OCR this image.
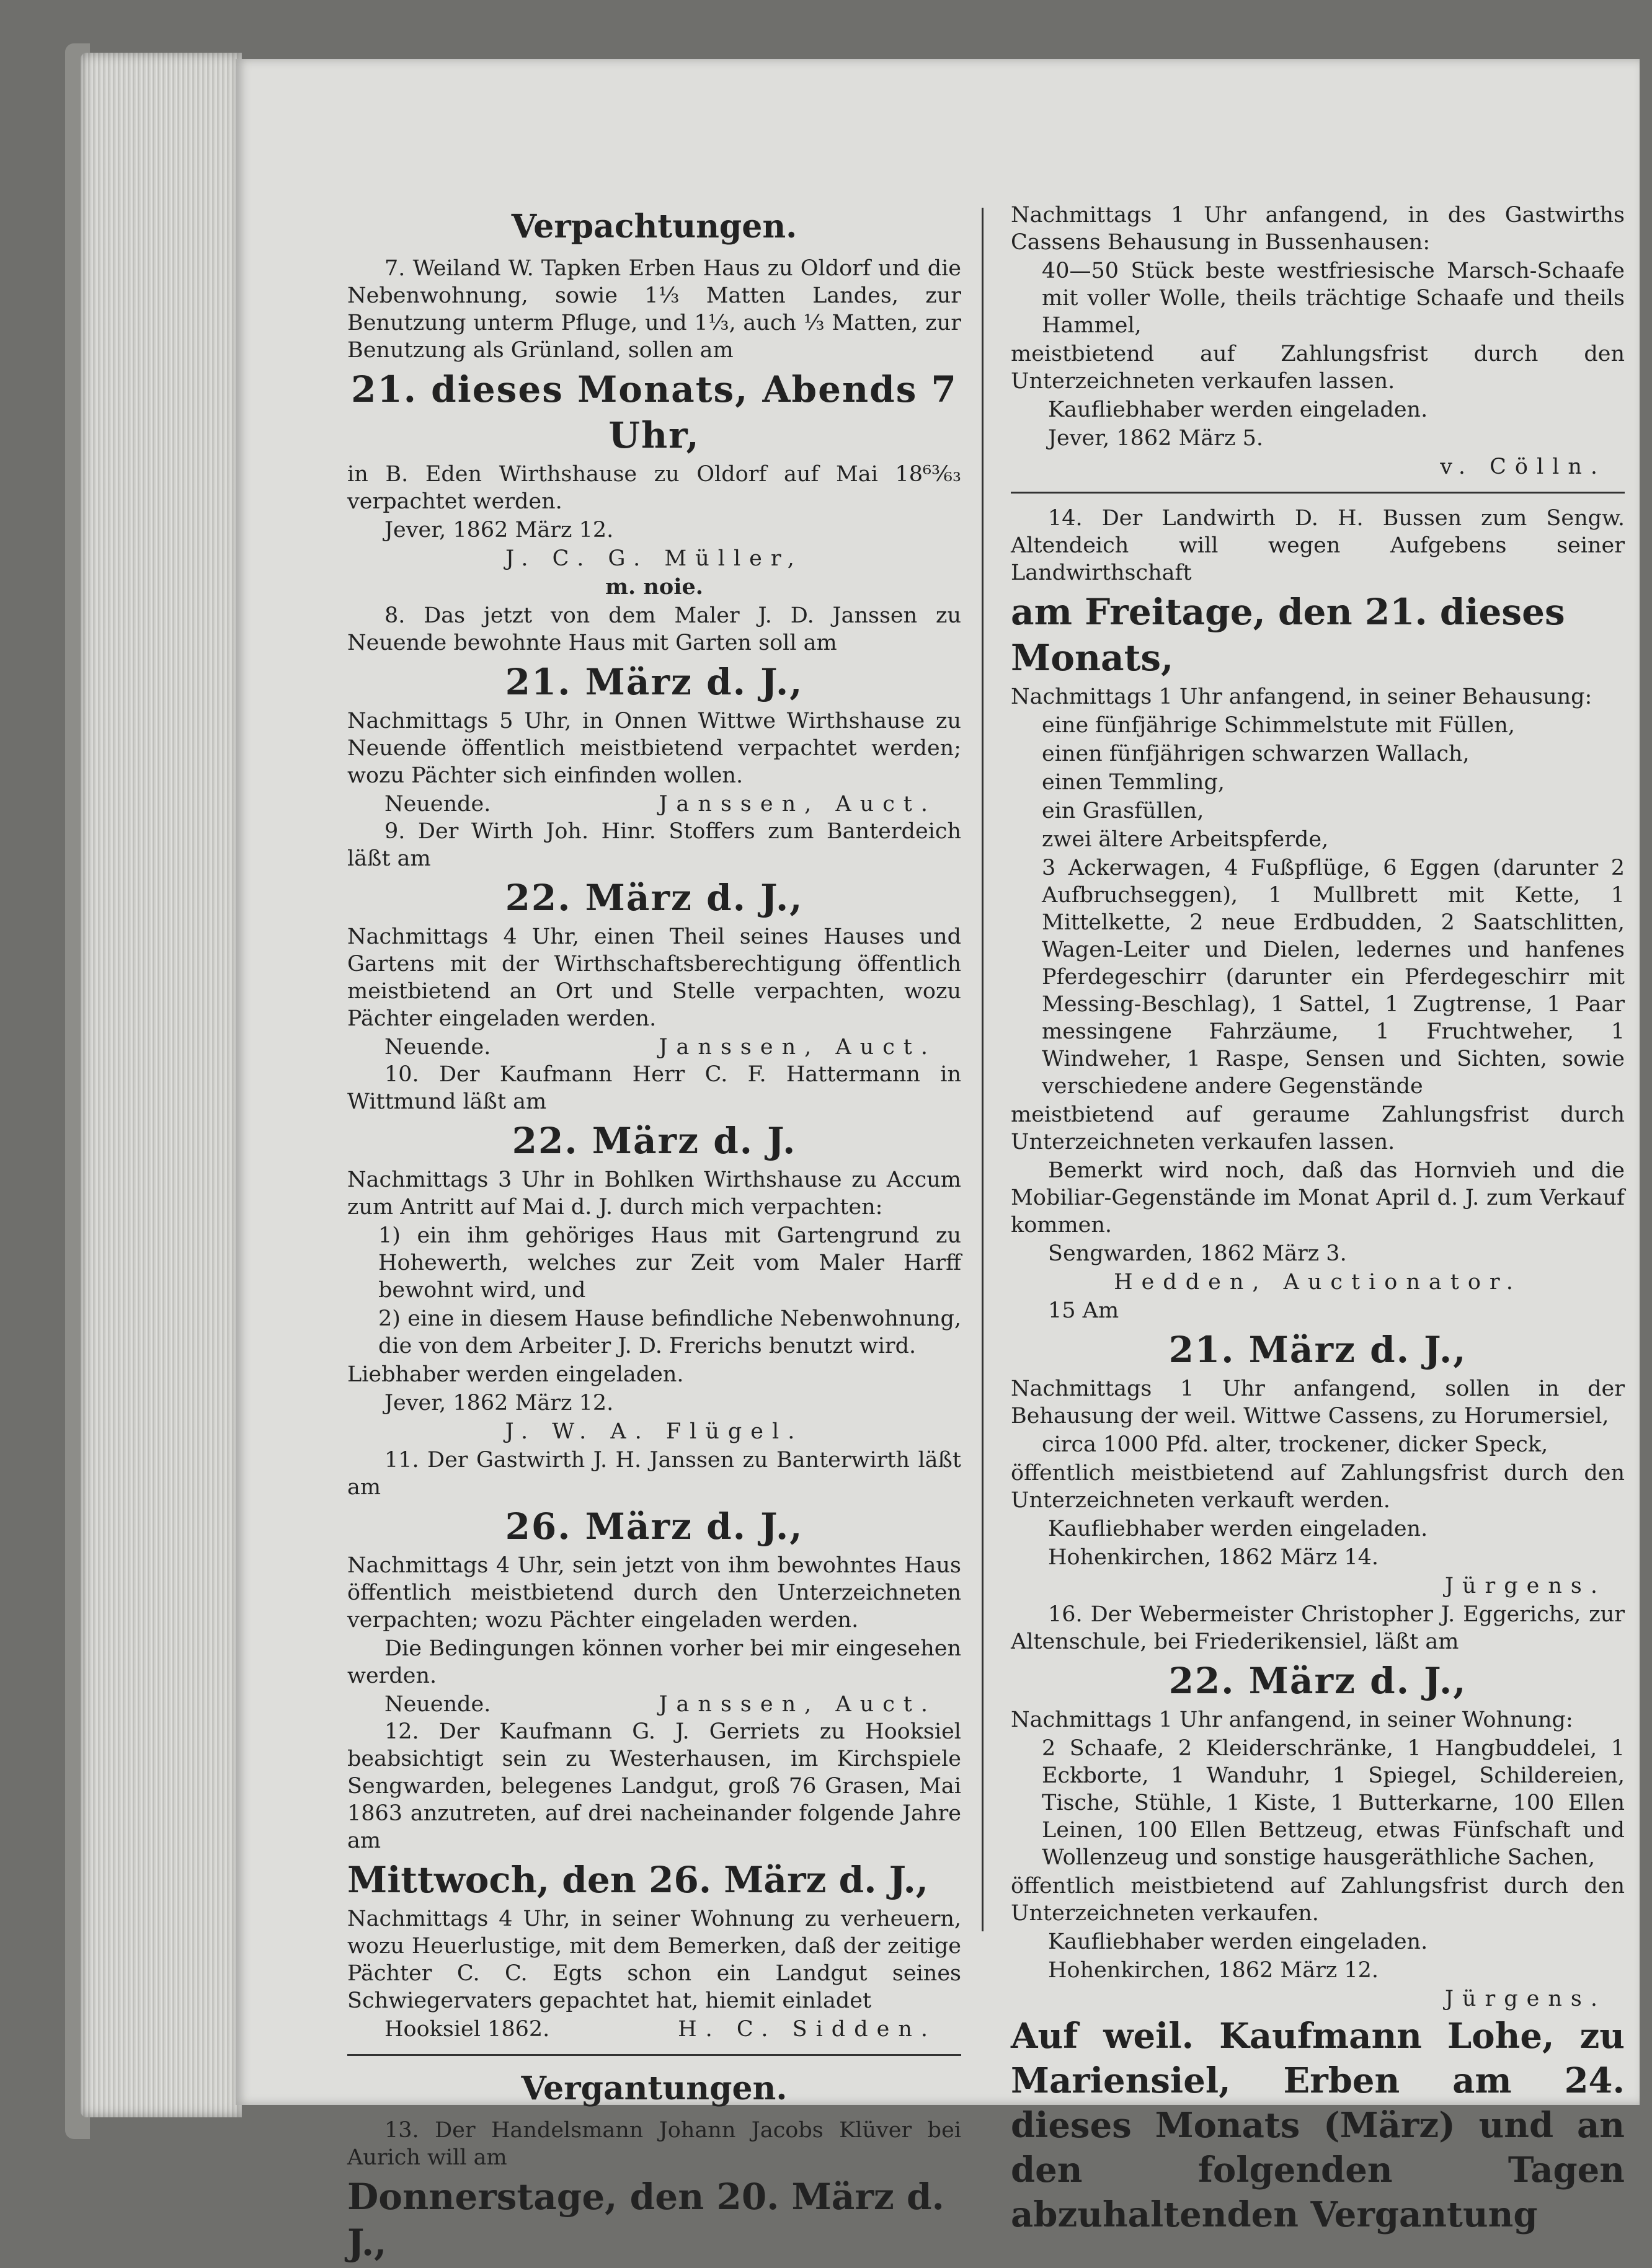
Verpachtungen.

7. Weiland W. Tapken Erben Haus zu Oldorf und die Nebenwohnung, sowie 1⅓ Matten Landes, zur Benutzung unterm Pfluge, und 1⅓, auch ⅓ Matten, zur Benutzung als Grünland, sollen am

21. dieses Monats, Abends 7 Uhr,

in B. Eden Wirthshause zu Oldorf auf Mai 18⁶³⁄₆₃ verpachtet werden.

Jever, 1862 März 12.

J. C. G. Müller,

m. noie.

8. Das jetzt von dem Maler J. D. Janssen zu Neuende bewohnte Haus mit Garten soll am

21. März d. J.,

Nachmittags 5 Uhr, in Onnen Wittwe Wirthshause zu Neuende öffentlich meistbietend verpachtet werden; wozu Pächter sich einfinden wollen.

Neuende.	Janssen, Auct.

9. Der Wirth Joh. Hinr. Stoffers zum Banterdeich läßt am

22. März d. J.,

Nachmittags 4 Uhr, einen Theil seines Hauses und Gartens mit der Wirthschaftsberechtigung öffentlich meistbietend an Ort und Stelle verpachten, wozu Pächter eingeladen werden.

Neuende.	Janssen, Auct.

10. Der Kaufmann Herr C. F. Hattermann in Wittmund läßt am

22. März d. J.

Nachmittags 3 Uhr in Bohlken Wirthshause zu Accum zum Antritt auf Mai d. J. durch mich verpachten:

1) ein ihm gehöriges Haus mit Gartengrund zu Hohewerth, welches zur Zeit vom Maler Harff bewohnt wird, und

2) eine in diesem Hause befindliche Nebenwohnung, die von dem Arbeiter J. D. Frerichs benutzt wird.

Liebhaber werden eingeladen.

Jever, 1862 März 12.

J. W. A. Flügel.

11. Der Gastwirth J. H. Janssen zu Banterwirth läßt am

26. März d. J.,

Nachmittags 4 Uhr, sein jetzt von ihm bewohntes Haus öffentlich meistbietend durch den Unterzeichneten verpachten; wozu Pächter eingeladen werden.

Die Bedingungen können vorher bei mir eingesehen werden.

Neuende.	Janssen, Auct.

12. Der Kaufmann G. J. Gerriets zu Hooksiel beabsichtigt sein zu Westerhausen, im Kirchspiele Sengwarden, belegenes Landgut, groß 76 Grasen, Mai 1863 anzutreten, auf drei nacheinander folgende Jahre am

Mittwoch, den 26. März d. J.,

Nachmittags 4 Uhr, in seiner Wohnung zu verheuern, wozu Heuerlustige, mit dem Bemerken, daß der zeitige Pächter C. C. Egts schon ein Landgut seines Schwiegervaters gepachtet hat, hiemit einladet

Hooksiel 1862.	H. C. Sidden.
Vergantungen.

13. Der Handelsmann Johann Jacobs Klüver bei Aurich will am

Donnerstage, den 20. März d. J.,

Nachmittags 1 Uhr anfangend, in des Gastwirths Cassens Behausung in Bussenhausen:

40—50 Stück beste westfriesische Marsch-Schaafe mit voller Wolle, theils trächtige Schaafe und theils Hammel,

meistbietend auf Zahlungsfrist durch den Unterzeichneten verkaufen lassen.

Kaufliebhaber werden eingeladen.

Jever, 1862 März 5.

v. Cölln.

14. Der Landwirth D. H. Bussen zum Sengw. Altendeich will wegen Aufgebens seiner Landwirthschaft

am Freitage, den 21. dieses Monats,

Nachmittags 1 Uhr anfangend, in seiner Behausung:

eine fünfjährige Schimmelstute mit Füllen,

einen fünfjährigen schwarzen Wallach,

einen Temmling,

ein Grasfüllen,

zwei ältere Arbeitspferde,

3 Ackerwagen, 4 Fußpflüge, 6 Eggen (darunter 2 Aufbruchseggen), 1 Mullbrett mit Kette, 1 Mittelkette, 2 neue Erdbudden, 2 Saatschlitten, Wagen-Leiter und Dielen, ledernes und hanfenes Pferdegeschirr (darunter ein Pferdegeschirr mit Messing-Beschlag), 1 Sattel, 1 Zugtrense, 1 Paar messingene Fahrzäume, 1 Fruchtweher, 1 Windweher, 1 Raspe, Sensen und Sichten, sowie verschiedene andere Gegenstände

meistbietend auf geraume Zahlungsfrist durch Unterzeichneten verkaufen lassen.

Bemerkt wird noch, daß das Hornvieh und die Mobiliar-Gegenstände im Monat April d. J. zum Verkauf kommen.

Sengwarden, 1862 März 3.

Hedden, Auctionator.

15 Am

21. März d. J.,

Nachmittags 1 Uhr anfangend, sollen in der Behausung der weil. Wittwe Cassens, zu Horumersiel,

circa 1000 Pfd. alter, trockener, dicker Speck,

öffentlich meistbietend auf Zahlungsfrist durch den Unterzeichneten verkauft werden.

Kaufliebhaber werden eingeladen.

Hohenkirchen, 1862 März 14.

Jürgens.

16. Der Webermeister Christopher J. Eggerichs, zur Altenschule, bei Friederikensiel, läßt am

22. März d. J.,

Nachmittags 1 Uhr anfangend, in seiner Wohnung:

2 Schaafe, 2 Kleiderschränke, 1 Hangbuddelei, 1 Eckborte, 1 Wanduhr, 1 Spiegel, Schildereien, Tische, Stühle, 1 Kiste, 1 Butterkarne, 100 Ellen Leinen, 100 Ellen Bettzeug, etwas Fünfschaft und Wollenzeug und sonstige hausgeräthliche Sachen,

öffentlich meistbietend auf Zahlungsfrist durch den Unterzeichneten verkaufen.

Kaufliebhaber werden eingeladen.

Hohenkirchen, 1862 März 12.

Jürgens.

Auf weil. Kaufmann Lohe, zu Mariensiel, Erben am 24. dieses Monats (März) und an den folgenden Tagen abzuhaltenden Vergantung
